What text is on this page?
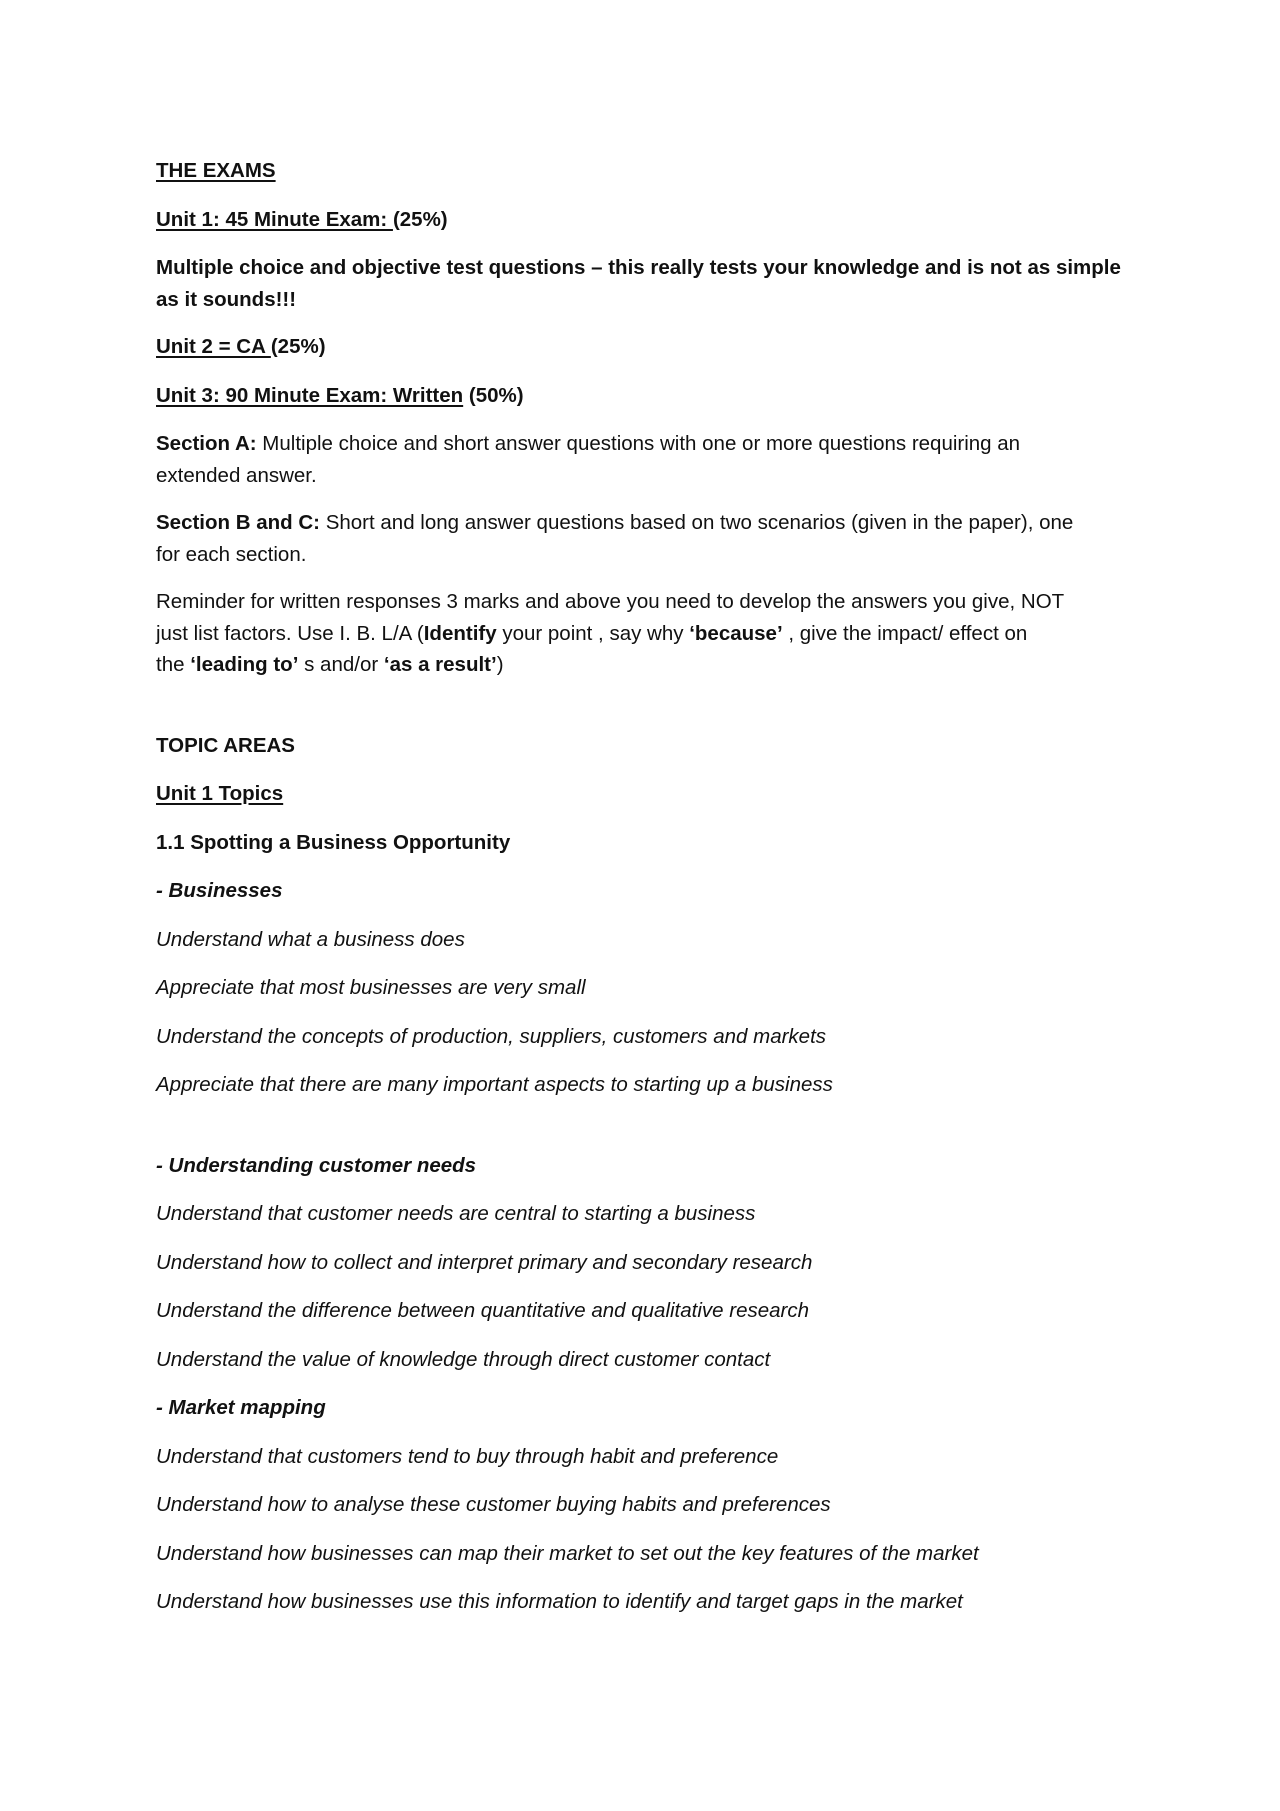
THE EXAMS

Unit 1: 45 Minute Exam: (25%)

Multiple choice and objective test questions – this really tests your knowledge and is not as simple
as it sounds!!!

Unit 2 = CA (25%)

Unit 3: 90 Minute Exam: Written (50%)

Section A: Multiple choice and short answer questions with one or more questions requiring an
extended answer.

Section B and C: Short and long answer questions based on two scenarios (given in the paper), one
for each section.

Reminder for written responses 3 marks and above you need to develop the answers you give, NOT
just list factors. Use I. B. L/A (Identify your point , say why ‘because’ , give the impact/ effect on
the ‘leading to’ s and/or ‘as a result’)

TOPIC AREAS

Unit 1 Topics

1.1 Spotting a Business Opportunity

- Businesses

Understand what a business does

Appreciate that most businesses are very small

Understand the concepts of production, suppliers, customers and markets

Appreciate that there are many important aspects to starting up a business

- Understanding customer needs

Understand that customer needs are central to starting a business

Understand how to collect and interpret primary and secondary research

Understand the difference between quantitative and qualitative research

Understand the value of knowledge through direct customer contact

- Market mapping

Understand that customers tend to buy through habit and preference

Understand how to analyse these customer buying habits and preferences

Understand how businesses can map their market to set out the key features of the market

Understand how businesses use this information to identify and target gaps in the market
